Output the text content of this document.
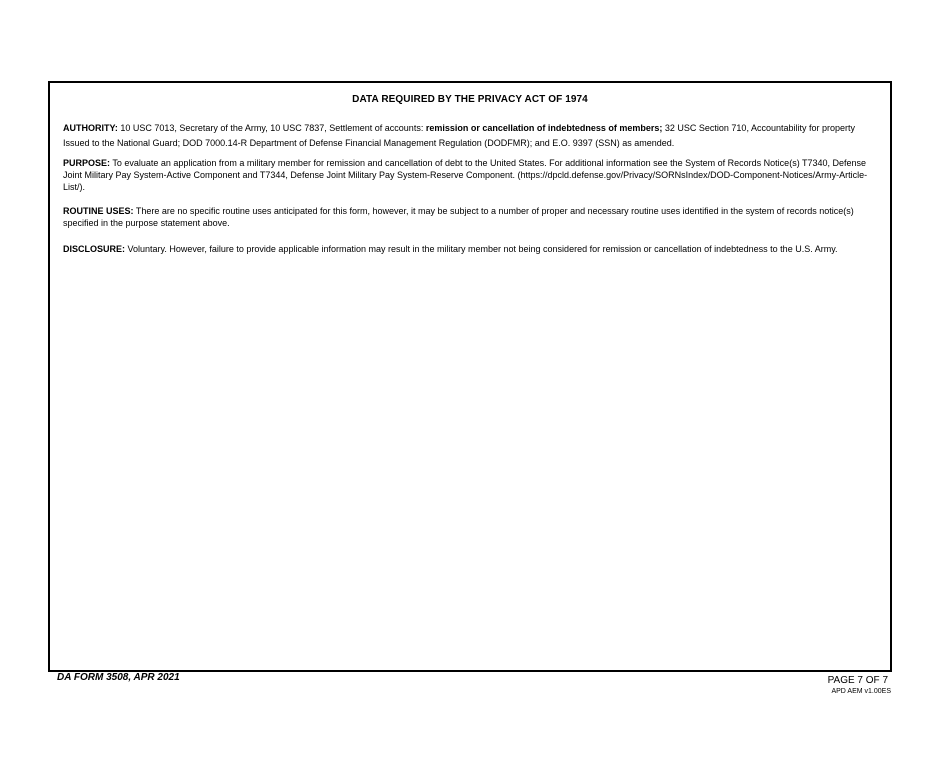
DATA REQUIRED BY THE PRIVACY ACT OF 1974
AUTHORITY: 10 USC 7013, Secretary of the Army, 10 USC 7837, Settlement of accounts: remission or cancellation of indebtedness of members; 32 USC Section 710, Accountability for property Issued to the National Guard; DOD 7000.14-R Department of Defense Financial Management Regulation (DODFMR); and E.O. 9397 (SSN) as amended.
PURPOSE: To evaluate an application from a military member for remission and cancellation of debt to the United States. For additional information see the System of Records Notice(s) T7340, Defense Joint Military Pay System-Active Component and T7344, Defense Joint Military Pay System-Reserve Component. (https://dpcld.defense.gov/Privacy/SORNsIndex/DOD-Component-Notices/Army-Article-List/).
ROUTINE USES: There are no specific routine uses anticipated for this form, however, it may be subject to a number of proper and necessary routine uses identified in the system of records notice(s) specified in the purpose statement above.
DISCLOSURE: Voluntary. However, failure to provide applicable information may result in the military member not being considered for remission or cancellation of indebtedness to the U.S. Army.
DA FORM 3508, APR 2021	PAGE 7 OF 7
APD AEM v1.00ES
